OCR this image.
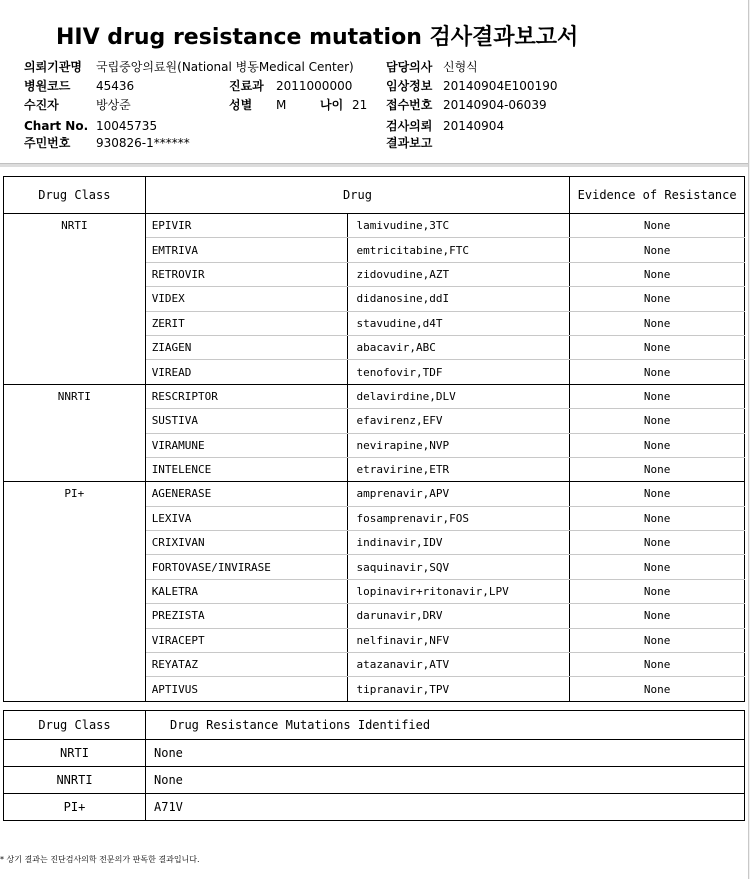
HIV drug resistance mutation 검사결과보고서
의뢰기관명 국립중앙의료원(National 병동Medical Center)
병원코드 45436
수진자	방상준
Chart No. 10045735
주민번호 930826-1******
진료과 2011000000
성별 M	나이 21
담당의사 신형식
임상정보 20140904E100190
접수번호 20140904-06039
검사의뢰 20140904
결과보고
Drug Class	Drug		Evidence of Resistance
NRTI	EPIVIR	lamivudine,3TC	None
	EMTRIVA	emtricitabine,FTC	None
	RETROVIR	zidovudine,AZT	None
	VIDEX	didanosine,ddI	None
	ZERIT	stavudine,d4T	None
	ZIAGEN	abacavir,ABC	None
	VIREAD	tenofovir,TDF	None
NNRTI	RESCRIPTOR	delavirdine,DLV	None
	SUSTIVA	efavirenz,EFV	None
	VIRAMUNE	nevirapine,NVP	None
	INTELENCE	etravirine,ETR	None
PI+	AGENERASE	amprenavir,APV	None
	LEXIVA	fosamprenavir,FOS	None
	CRIXIVAN	indinavir,IDV	None
	FORTOVASE/INVIRASE	saquinavir,SQV	None
	KALETRA	lopinavir+ritonavir,LPV	None
	PREZISTA	darunavir,DRV	None
	VIRACEPT	nelfinavir,NFV	None
	REYATAZ	atazanavir,ATV	None
	APTIVUS	tipranavir,TPV	None
Drug Class	Drug Resistance Mutations Identified
NRTI	None
NNRTI	None
PI+	A71V
* 상기 결과는 진단검사의학 전문의가 판독한 결과입니다.
